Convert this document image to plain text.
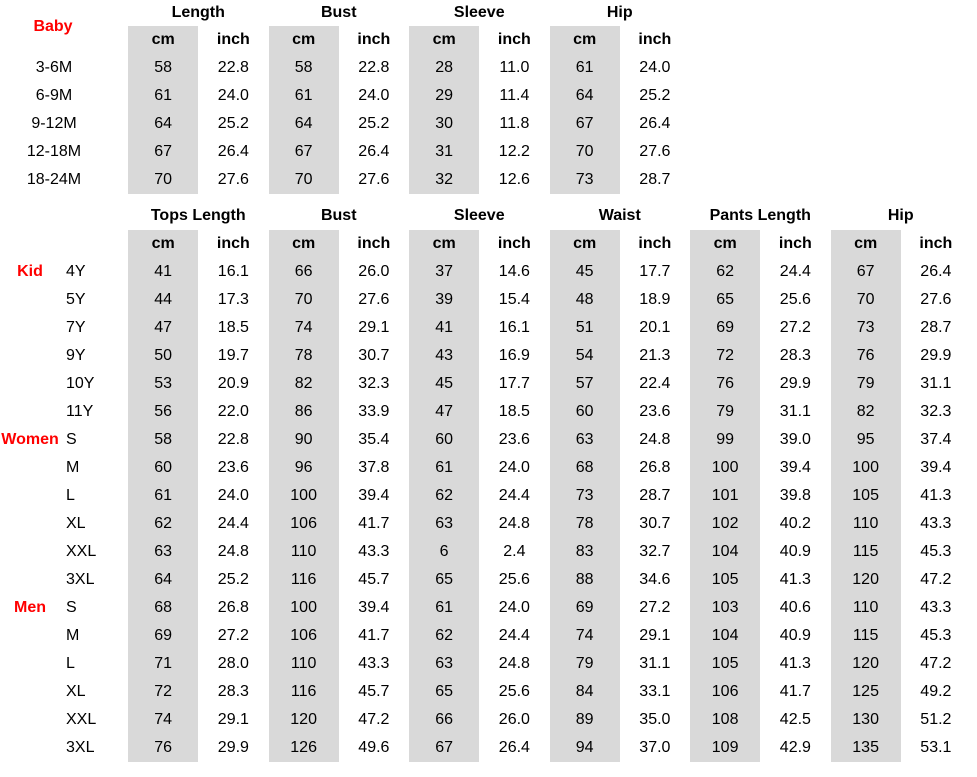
Length	Bust	Sleeve	Hip
cm	inch	cm	inch	cm	inch	cm	inch
3-6M	58	22.8	58	22.8	28	11.0	61	24.0
6-9M	61	24.0	61	24.0	29	11.4	64	25.2
9-12M	64	25.2	64	25.2	30	11.8	67	26.4
12-18M	67	26.4	67	26.4	31	12.2	70	27.6
18-24M	70	27.6	70	27.6	32	12.6	73	28.7
Baby
Tops Length	Bust	Sleeve	Waist	Pants Length	Hip
cm	inch	cm	inch	cm	inch	cm	inch	cm	inch	cm	inch
Kid	4Y	41	16.1	66	26.0	37	14.6	45	17.7	62	24.4	67	26.4
5Y	44	17.3	70	27.6	39	15.4	48	18.9	65	25.6	70	27.6
7Y	47	18.5	74	29.1	41	16.1	51	20.1	69	27.2	73	28.7
9Y	50	19.7	78	30.7	43	16.9	54	21.3	72	28.3	76	29.9
10Y	53	20.9	82	32.3	45	17.7	57	22.4	76	29.9	79	31.1
11Y	56	22.0	86	33.9	47	18.5	60	23.6	79	31.1	82	32.3
Women S	58	22.8	90	35.4	60	23.6	63	24.8	99	39.0	95	37.4
M	60	23.6	96	37.8	61	24.0	68	26.8	100	39.4	100	39.4
L	61	24.0	100	39.4	62	24.4	73	28.7	101	39.8	105	41.3
XL	62	24.4	106	41.7	63	24.8	78	30.7	102	40.2	110	43.3
XXL	63	24.8	110	43.3	6	2.4	83	32.7	104	40.9	115	45.3
3XL	64	25.2	116	45.7	65	25.6	88	34.6	105	41.3	120	47.2
Men	S	68	26.8	100	39.4	61	24.0	69	27.2	103	40.6	110	43.3
M	69	27.2	106	41.7	62	24.4	74	29.1	104	40.9	115	45.3
L	71	28.0	110	43.3	63	24.8	79	31.1	105	41.3	120	47.2
XL	72	28.3	116	45.7	65	25.6	84	33.1	106	41.7	125	49.2
XXL	74	29.1	120	47.2	66	26.0	89	35.0	108	42.5	130	51.2
3XL	76	29.9	126	49.6	67	26.4	94	37.0	109	42.9	135	53.1
